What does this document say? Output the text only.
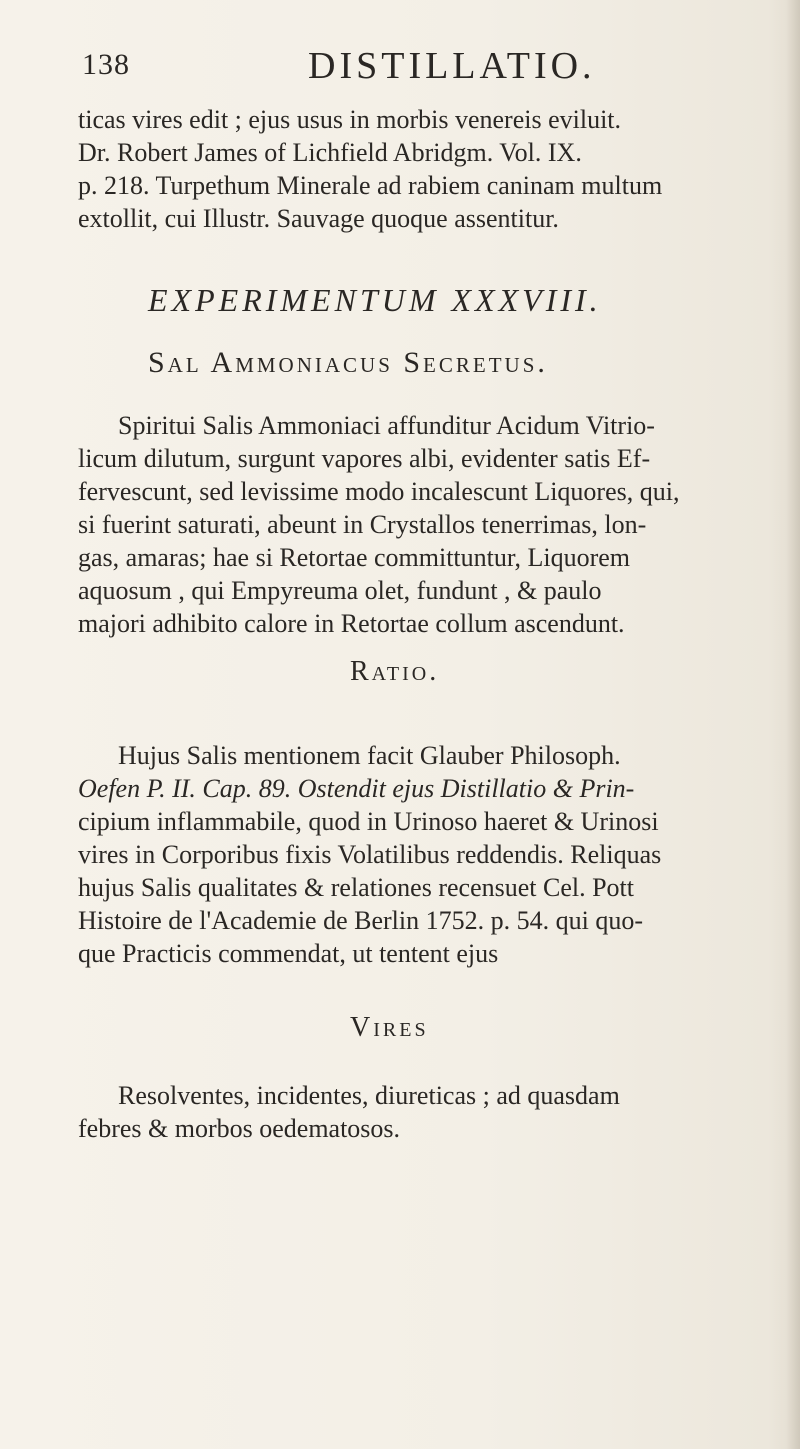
138	DISTILLATIO.
ticas vires edit ; ejus usus in morbis venereis eviluit.
Dr. Robert James of Lichfield Abridgm. Vol. IX.
p. 218. Turpethum Minerale ad rabiem caninam multum
extollit, cui Illustr. Sauvage quoque assentitur.
EXPERIMENTUM XXXVIII.
Sal Ammoniacus Secretus.
Spiritui Salis Ammoniaci affunditur Acidum Vitrio-
licum dilutum, surgunt vapores albi, evidenter satis Ef-
fervescunt, sed levissime modo incalescunt Liquores, qui,
si fuerint saturati, abeunt in Crystallos tenerrimas, lon-
gas, amaras; hae si Retortae committuntur, Liquorem
aquosum , qui Empyreuma olet, fundunt , & paulo
majori adhibito calore in Retortae collum ascendunt.
Ratio.
Hujus Salis mentionem facit Glauber Philosoph.
Oefen P. II. Cap. 89. Ostendit ejus Distillatio & Prin-
cipium inflammabile, quod in Urinoso haeret & Urinosi
vires in Corporibus fixis Volatilibus reddendis. Reliquas
hujus Salis qualitates & relationes recensuet Cel. Pott
Histoire de l'Academie de Berlin 1752. p. 54. qui quo-
que Practicis commendat, ut tentent ejus
Vires
Resolventes, incidentes, diureticas ; ad quasdam
febres & morbos oedematosos.
